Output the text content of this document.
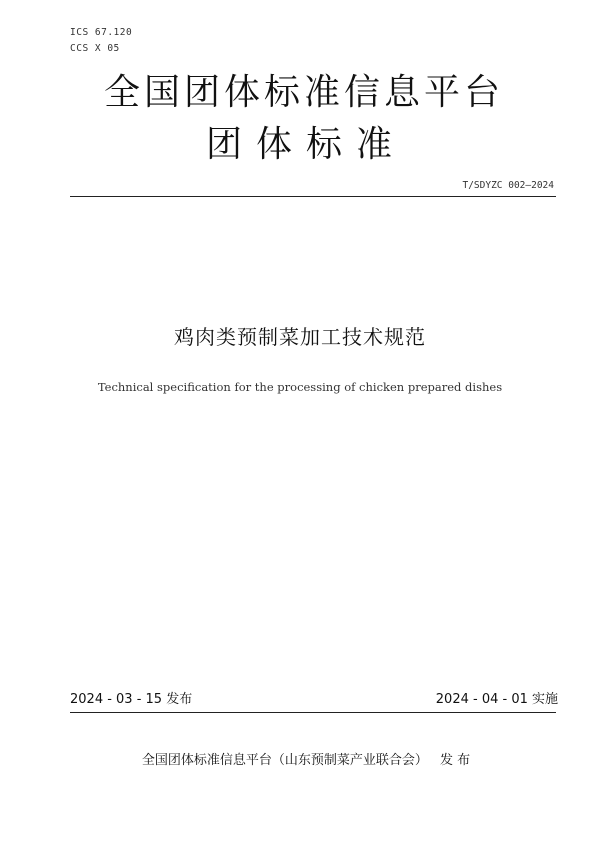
ICS 67.120
CCS X 05
全国团体标准信息平台
团体标准
T/SDYZC 002—2024
鸡肉类预制菜加工技术规范
Technical specification for the processing of chicken prepared dishes
2024 - 03 - 15 发布	2024 - 04 - 01 实施
全国团体标准信息平台（山东预制菜产业联合会） 发 布
